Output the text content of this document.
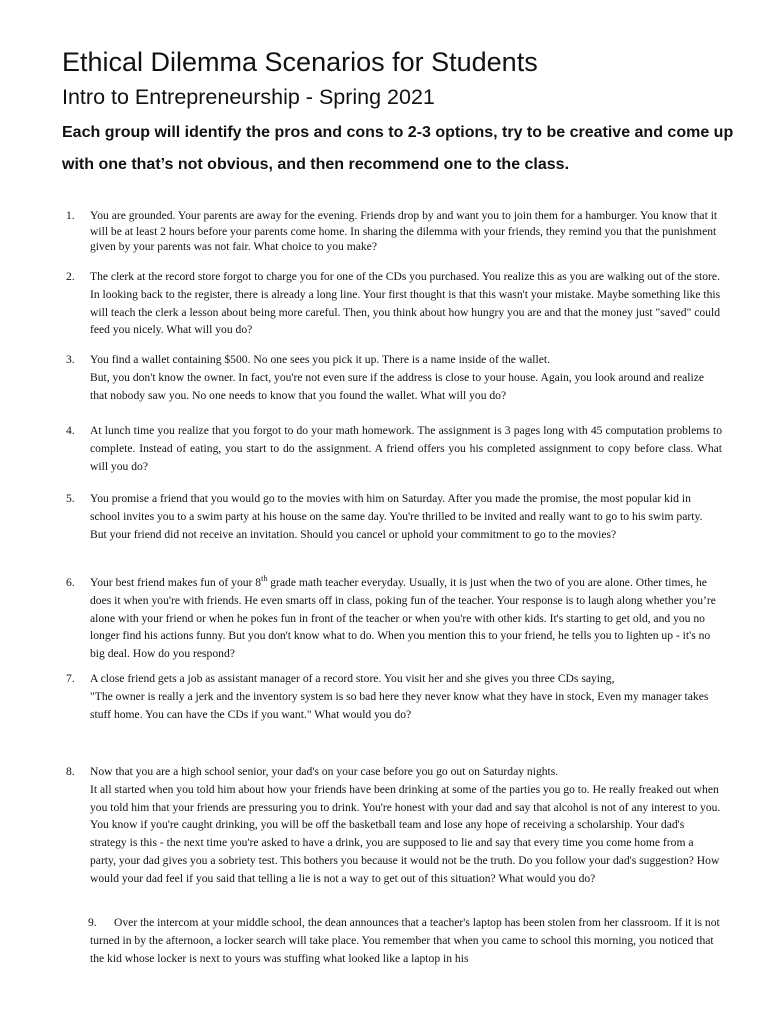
Ethical Dilemma Scenarios for Students
Intro to Entrepreneurship - Spring 2021
Each group will identify the pros and cons to 2-3 options, try to be creative and come up with one that’s not obvious, and then recommend one to the class.
1. You are grounded. Your parents are away for the evening. Friends drop by and want you to join them for a hamburger. You know that it will be at least 2 hours before your parents come home. In sharing the dilemma with your friends, they remind you that the punishment given by your parents was not fair. What choice to you make?
2. The clerk at the record store forgot to charge you for one of the CDs you purchased. You realize this as you are walking out of the store. In looking back to the register, there is already a long line. Your first thought is that this wasn't your mistake. Maybe something like this will teach the clerk a lesson about being more careful. Then, you think about how hungry you are and that the money just "saved" could feed you nicely. What will you do?
3. You find a wallet containing $500. No one sees you pick it up. There is a name inside of the wallet.

But, you don't know the owner. In fact, you're not even sure if the address is close to your house. Again, you look around and realize that nobody saw you. No one needs to know that you found the wallet. What will you do?

4. At lunch time you realize that you forgot to do your math homework. The assignment is 3 pages long with 45 computation problems to complete. Instead of eating, you start to do the assignment. A friend offers you his completed assignment to copy before class. What will you do?
5. You promise a friend that you would go to the movies with him on Saturday. After you made the promise, the most popular kid in school invites you to a swim party at his house on the same day. You're thrilled to be invited and really want to go to his swim party. But your friend did not receive an invitation. Should you cancel or uphold your commitment to go to the movies?
6. Your best friend makes fun of your 8th grade math teacher everyday. Usually, it is just when the two of you are alone. Other times, he does it when you're with friends. He even smarts off in class, poking fun of the teacher. Your response is to laugh along whether you’re alone with your friend or when he pokes fun in front of the teacher or when you're with other kids. It's starting to get old, and you no longer find his actions funny. But you don't know what to do. When you mention this to your friend, he tells you to lighten up - it's no big deal. How do you respond?
7. A close friend gets a job as assistant manager of a record store. You visit her and she gives you three CDs saying,

"The owner is really a jerk and the inventory system is so bad here they never know what they have in stock, Even my manager takes stuff home. You can have the CDs if you want." What would you do?

8. Now that you are a high school senior, your dad's on your case before you go out on Saturday nights.

It all started when you told him about how your friends have been drinking at some of the parties you go to. He really freaked out when you told him that your friends are pressuring you to drink. You're honest with your dad and say that alcohol is not of any interest to you. You know if you're caught drinking, you will be off the basketball team and lose any hope of receiving a scholarship. Your dad's strategy is this - the next time you're asked to have a drink, you are supposed to lie and say that every time you come home from a party, your dad gives you a sobriety test. This bothers you because it would not be the truth. Do you follow your dad's suggestion? How would your dad feel if you said that telling a lie is not a way to get out of this situation? What would you do?

9.	Over the intercom at your middle school, the dean announces that a teacher's laptop has been stolen from her classroom. If it is not turned in by the afternoon, a locker search will take place. You remember that when you came to school this morning, you noticed that the kid whose locker is next to yours was stuffing what looked like a laptop in his
